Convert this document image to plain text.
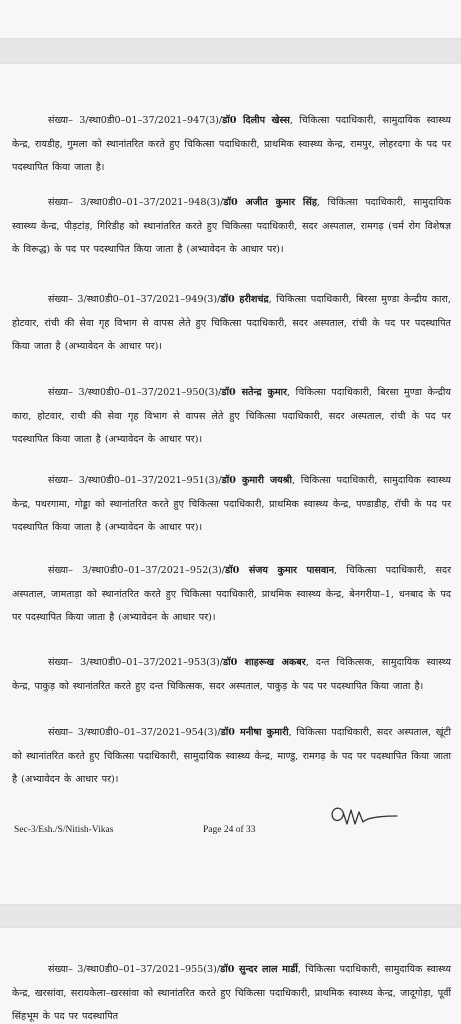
संख्या– 3/स्था0डी0–01–37/2021–947(3)/डॉ0 दिलीप खेस्स, चिकित्सा पदाधिकारी, सामुदायिक स्वास्थ्य केन्द्र, रायडीह, गुमला को स्थानांतरित करते हुए चिकित्सा पदाधिकारी, प्राथमिक स्वास्थ्य केन्द्र, रामपुर, लोहरदगा के पद पर पदस्थापित किया जाता है।

संख्या– 3/स्था0डी0–01–37/2021–948(3)/डॉ0 अजीत कुमार सिंह, चिकित्सा पदाधिकारी, सामुदायिक स्वास्थ्य केन्द्र, पीड़टांड़, गिरिडीह को स्थानांतरित करते हुए चिकित्सा पदाधिकारी, सदर अस्पताल, रामगढ़ (चर्म रोग विशेषज्ञ के विरूद्ध) के पद पर पदस्थापित किया जाता है (अभ्यावेदन के आधार पर)।

संख्या– 3/स्था0डी0–01–37/2021–949(3)/डॉ0 हरीशचंद्र, चिकित्सा पदाधिकारी, बिरसा मुण्डा केन्द्रीय कारा, होटवार, रांची की सेवा गृह विभाग से वापस लेते हुए चिकित्सा पदाधिकारी, सदर अस्पताल, रांची के पद पर पदस्थापित किया जाता है (अभ्यावेदन के आधार पर)।

संख्या– 3/स्था0डी0–01–37/2021–950(3)/डॉ0 सतेन्द्र कुमार, चिकित्सा पदाधिकारी, बिरसा मुण्डा केन्द्रीय कारा, होटवार, राची की सेवा गृह विभाग से वापस लेते हुए चिकित्सा पदाधिकारी, सदर अस्पताल, रांची के पद पर पदस्थापित किया जाता है (अभ्यावेदन के आधार पर)।

संख्या– 3/स्था0डी0–01–37/2021–951(3)/डॉ0 कुमारी जयश्री, चिकित्सा पदाधिकारी, सामुदायिक स्वास्थ्य केन्द्र, पथरगामा, गोड्डा को स्थानांतरित करते हुए चिकित्सा पदाधिकारी, प्राथमिक स्वास्थ्य केन्द्र, पण्डाडीह, रॉची के पद पर पदस्थापित किया जाता है (अभ्यावेदन के आधार पर)।

संख्या– 3/स्था0डी0–01–37/2021–952(3)/डॉ0 संजय कुमार पासवान, चिकित्सा पदाधिकारी, सदर अस्पताल, जामताड़ा को स्थानांतरित करते हुए चिकित्सा पदाधिकारी, प्राथमिक स्वास्थ्य केन्द्र, बेनगरीया–1, धनबाद के पद पर पदस्थापित किया जाता है (अभ्यावेदन के आधार पर)।

संख्या– 3/स्था0डी0–01–37/2021–953(3)/डॉ0 शाहरूख अकबर, दन्त चिकित्सक, सामुदायिक स्वास्थ्य केन्द्र, पाकुड़ को स्थानांतरित करते हुए दन्त चिकित्सक, सदर अस्पताल, पाकुड़ के पद पर पदस्थापित किया जाता है।

संख्या– 3/स्था0डी0–01–37/2021–954(3)/डॉ0 मनीषा कुमारी, चिकित्सा पदाधिकारी, सदर अस्पताल, खूंटी को स्थानांतरित करते हुए चिकित्सा पदाधिकारी, सामुदायिक स्वास्थ्य केन्द्र, माण्डु, रामगढ़ के पद पर पदस्थापित किया जाता है (अभ्यावेदन के आधार पर)।

Sec-3/Esh./S/Nitish-Vikas	Page 24 of 33

संख्या– 3/स्था0डी0–01–37/2021–955(3)/डॉ0 सुन्दर लाल मार्डी, चिकित्सा पदाधिकारी, सामुदायिक स्वास्थ्य केन्द्र, खरसांवा, सरायकेला–खरसांवा को स्थानांतरित करते हुए चिकित्सा पदाधिकारी, प्राथमिक स्वास्थ्य केन्द्र, जादूगोड़ा, पूर्वी सिंहभूम के पद पर पदस्थापित
